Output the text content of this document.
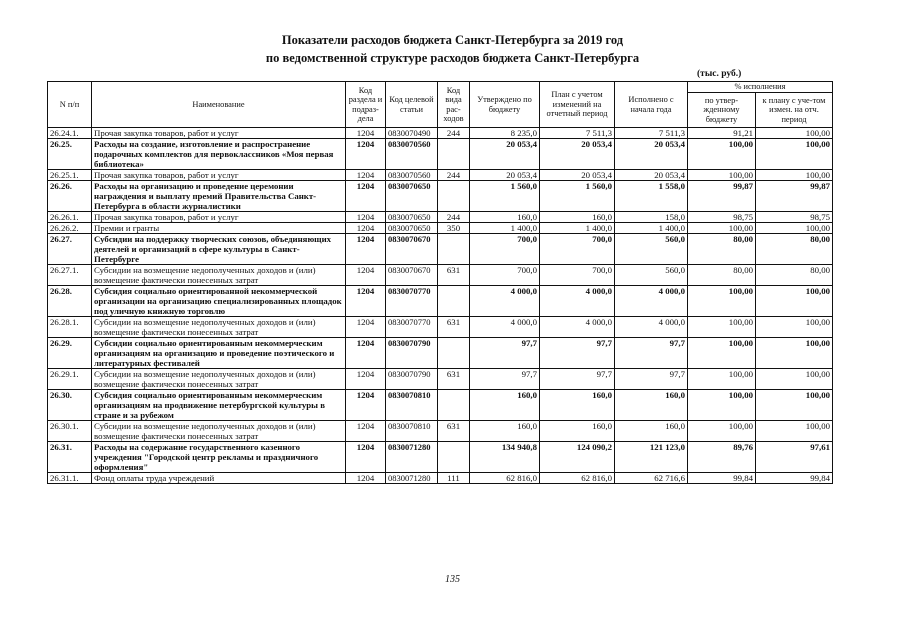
Показатели расходов бюджета Санкт-Петербурга за 2019 год
по ведомственной структуре расходов бюджета Санкт-Петербурга
(тыс. руб.)
N п/п	Наименование	Код раздела и подраз-дела	Код целевой статьи	Код вида рас-ходов	Утверждено по бюджету	План с учетом изменений на отчетный период	Исполнено с начала года	% исполнения	
								по утвер-жденному бюджету	к плану с уче-том измен. на отч. период
26.24.1.	Прочая закупка товаров, работ и услуг	1204	0830070490	244	8 235,0	7 511,3	7 511,3	91,21	100,00
26.25.	Расходы на создание, изготовление и распространение подарочных комплектов для первоклассников «Моя первая библиотека»	1204	0830070560		20 053,4	20 053,4	20 053,4	100,00	100,00
26.25.1.	Прочая закупка товаров, работ и услуг	1204	0830070560	244	20 053,4	20 053,4	20 053,4	100,00	100,00
26.26.	Расходы на организацию и проведение церемонии награждения и выплату премий Правительства Санкт-Петербурга в области журналистики	1204	0830070650		1 560,0	1 560,0	1 558,0	99,87	99,87
26.26.1.	Прочая закупка товаров, работ и услуг	1204	0830070650	244	160,0	160,0	158,0	98,75	98,75
26.26.2.	Премии и гранты	1204	0830070650	350	1 400,0	1 400,0	1 400,0	100,00	100,00
26.27.	Субсидии на поддержку творческих союзов, объединяющих деятелей и организаций в сфере культуры в Санкт-Петербурге	1204	0830070670		700,0	700,0	560,0	80,00	80,00
26.27.1.	Субсидии на возмещение недополученных доходов и (или) возмещение фактически понесенных затрат	1204	0830070670	631	700,0	700,0	560,0	80,00	80,00
26.28.	Субсидия социально ориентированной некоммерческой организации на организацию специализированных площадок под уличную книжную торговлю	1204	0830070770		4 000,0	4 000,0	4 000,0	100,00	100,00
26.28.1.	Субсидии на возмещение недополученных доходов и (или) возмещение фактически понесенных затрат	1204	0830070770	631	4 000,0	4 000,0	4 000,0	100,00	100,00
26.29.	Субсидии социально ориентированным некоммерческим организациям на организацию и проведение поэтического и литературных фестивалей	1204	0830070790		97,7	97,7	97,7	100,00	100,00
26.29.1.	Субсидии на возмещение недополученных доходов и (или) возмещение фактически понесенных затрат	1204	0830070790	631	97,7	97,7	97,7	100,00	100,00
26.30.	Субсидия социально ориентированным некоммерческим организациям на продвижение петербургской культуры в стране и за рубежом	1204	0830070810		160,0	160,0	160,0	100,00	100,00
26.30.1.	Субсидии на возмещение недополученных доходов и (или) возмещение фактически понесенных затрат	1204	0830070810	631	160,0	160,0	160,0	100,00	100,00
26.31.	Расходы на содержание государственного казенного учреждения "Городской центр рекламы и праздничного оформления"	1204	0830071280		134 940,8	124 090,2	121 123,0	89,76	97,61
26.31.1.	Фонд оплаты труда учреждений	1204	0830071280	111	62 816,0	62 816,0	62 716,6	99,84	99,84
135
